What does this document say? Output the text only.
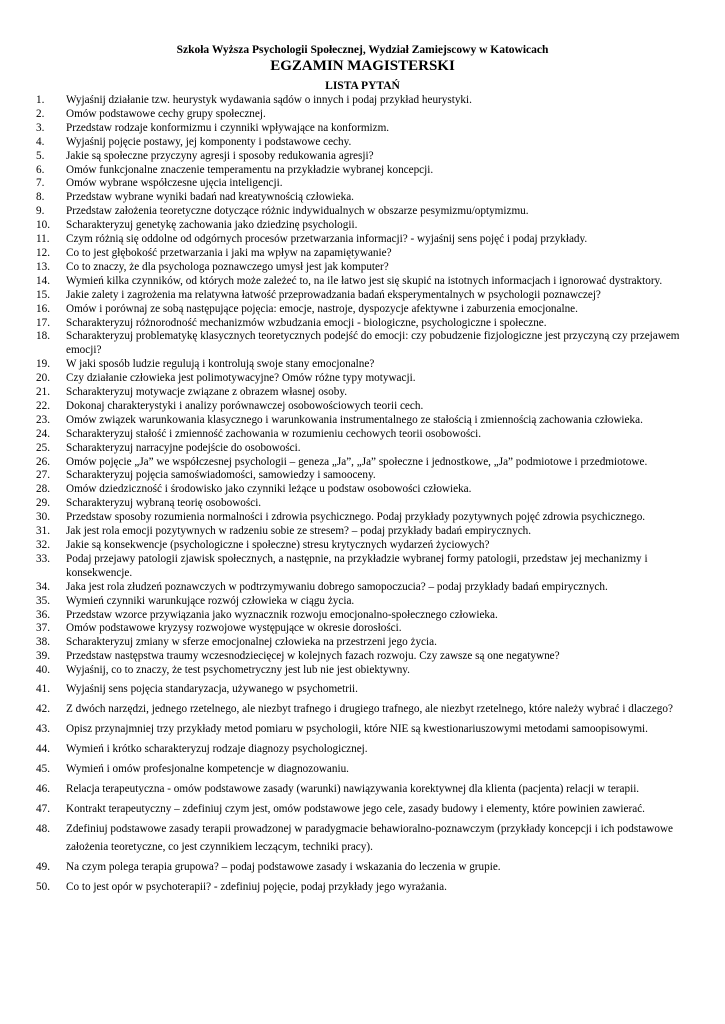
Szkoła Wyższa Psychologii Społecznej, Wydział Zamiejscowy w Katowicach
EGZAMIN MAGISTERSKI
LISTA PYTAŃ
1.	Wyjaśnij działanie tzw. heurystyk wydawania sądów o innych i podaj przykład heurystyki.
2.	Omów podstawowe cechy grupy społecznej.
3.	Przedstaw rodzaje konformizmu i czynniki wpływające na konformizm.
4.	Wyjaśnij pojęcie postawy, jej komponenty i podstawowe cechy.
5.	Jakie są społeczne przyczyny agresji i sposoby redukowania agresji?
6.	Omów funkcjonalne znaczenie temperamentu na przykładzie wybranej koncepcji.
7.	Omów wybrane współczesne ujęcia inteligencji.
8.	Przedstaw wybrane wyniki badań nad kreatywnością człowieka.
9.	Przedstaw założenia teoretyczne dotyczące różnic indywidualnych w obszarze pesymizmu/optymizmu.
10.	Scharakteryzuj genetykę zachowania jako dziedzinę psychologii.
11.	Czym różnią się oddolne od odgórnych procesów przetwarzania informacji? - wyjaśnij sens pojęć i podaj przykłady.
12.	Co to jest głębokość przetwarzania i jaki ma wpływ na zapamiętywanie?
13.	Co to znaczy, że dla psychologa poznawczego umysł jest jak komputer?
14.	Wymień kilka czynników, od których może zależeć to, na ile łatwo jest się skupić na istotnych informacjach i ignorować dystraktory.
15.	Jakie zalety i zagrożenia ma relatywna łatwość przeprowadzania badań eksperymentalnych w psychologii poznawczej?
16.	Omów i porównaj ze sobą następujące pojęcia: emocje, nastroje, dyspozycje afektywne i zaburzenia emocjonalne.
17.	Scharakteryzuj różnorodność mechanizmów wzbudzania emocji - biologiczne, psychologiczne i społeczne.
18.	Scharakteryzuj problematykę klasycznych teoretycznych podejść do emocji: czy pobudzenie fizjologiczne jest przyczyną czy przejawem emocji?
19.	W jaki sposób ludzie regulują i kontrolują swoje stany emocjonalne?
20.	Czy działanie człowieka jest polimotywacyjne? Omów różne typy motywacji.
21.	Scharakteryzuj motywacje związane z obrazem własnej osoby.
22.	Dokonaj charakterystyki i analizy porównawczej osobowościowych teorii cech.
23.	Omów związek warunkowania klasycznego i warunkowania instrumentalnego ze stałością i zmiennością zachowania człowieka.
24.	Scharakteryzuj stałość i zmienność zachowania w rozumieniu cechowych teorii osobowości.
25.	Scharakteryzuj narracyjne podejście do osobowości.
26.	Omów pojęcie „Ja” we współczesnej psychologii – geneza „Ja”, „Ja” społeczne i jednostkowe, „Ja” podmiotowe i przedmiotowe.
27.	Scharakteryzuj pojęcia samoświadomości, samowiedzy i samooceny.
28.	Omów dziedziczność i środowisko jako czynniki leżące u podstaw osobowości człowieka.
29.	Scharakteryzuj wybraną teorię osobowości.
30.	Przedstaw sposoby rozumienia normalności i zdrowia psychicznego. Podaj przykłady pozytywnych pojęć zdrowia psychicznego.
31.	Jak jest rola emocji pozytywnych w radzeniu sobie ze stresem? – podaj przykłady badań empirycznych.
32.	Jakie są konsekwencje (psychologiczne i społeczne) stresu krytycznych wydarzeń życiowych?
33.	Podaj przejawy patologii zjawisk społecznych, a następnie, na przykładzie wybranej formy patologii, przedstaw jej mechanizmy i konsekwencje.
34.	Jaka jest rola złudzeń poznawczych w podtrzymywaniu dobrego samopoczucia? – podaj przykłady badań empirycznych.
35.	Wymień czynniki warunkujące rozwój człowieka w ciągu życia.
36.	Przedstaw wzorce przywiązania jako wyznacznik rozwoju emocjonalno-społecznego człowieka.
37.	Omów podstawowe kryzysy rozwojowe występujące w okresie dorosłości.
38.	Scharakteryzuj zmiany w sferze emocjonalnej człowieka na przestrzeni jego życia.
39.	Przedstaw następstwa traumy wczesnodziecięcej w kolejnych fazach rozwoju. Czy zawsze są one negatywne?
40.	Wyjaśnij, co to znaczy, że test psychometryczny jest lub nie jest obiektywny.
41.	Wyjaśnij sens pojęcia standaryzacja, używanego w psychometrii.
42.	Z dwóch narzędzi, jednego rzetelnego, ale niezbyt trafnego i drugiego trafnego, ale niezbyt rzetelnego, które należy wybrać i dlaczego?
43.	Opisz przynajmniej trzy przykłady metod pomiaru w psychologii, które NIE są kwestionariuszowymi metodami samoopisowymi.
44.	Wymień i krótko scharakteryzuj rodzaje diagnozy psychologicznej.
45.	Wymień i omów profesjonalne kompetencje w diagnozowaniu.
46.	Relacja terapeutyczna - omów podstawowe zasady (warunki) nawiązywania korektywnej dla klienta (pacjenta) relacji w terapii.
47.	Kontrakt terapeutyczny – zdefiniuj czym jest, omów podstawowe jego cele, zasady budowy i elementy, które powinien zawierać.
48.	Zdefiniuj podstawowe zasady terapii prowadzonej w paradygmacie behawioralno-poznawczym (przykłady koncepcji i ich podstawowe założenia teoretyczne, co jest czynnikiem leczącym, techniki pracy).
49.	Na czym polega terapia grupowa? – podaj podstawowe zasady i wskazania do leczenia w grupie.
50.	Co to jest opór w psychoterapii? - zdefiniuj pojęcie, podaj przykłady jego wyrażania.
